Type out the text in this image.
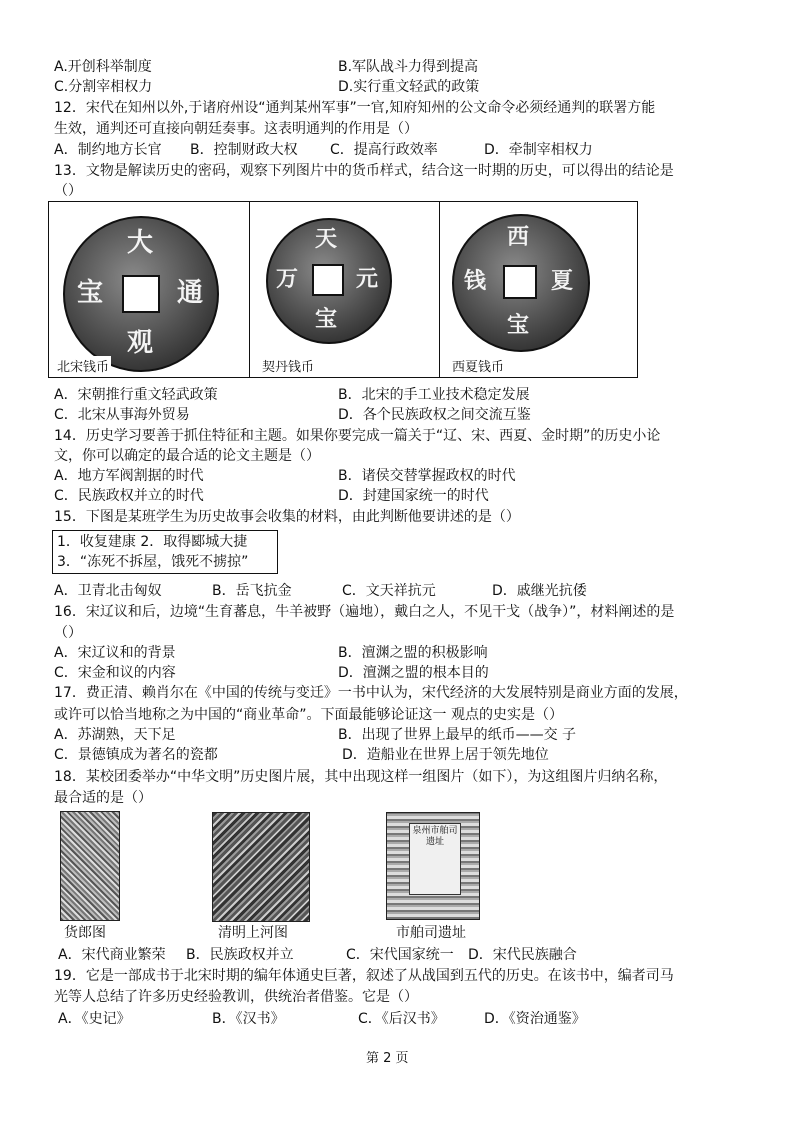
A.开创科举制度	B.军队战斗力得到提高
C.分割宰相权力	D.实行重文轻武的政策
12．宋代在知州以外,于诸府州设“通判某州军事”一官,知府知州的公文命令必须经通判的联署方能
生效，通判还可直接向朝廷奏事。这表明通判的作用是（）
A．制约地方长官 B．控制财政大权 C．提高行政效率	D．牵制宰相权力
13．文物是解读历史的密码，观察下列图片中的货币样式，结合这一时期的历史，可以得出的结论是
（）
大
观
通
宝
北宋钱币
天
宝
元
万
契丹钱币
西
宝
夏
钱
西夏钱币
A．宋朝推行重文轻武政策	B．北宋的手工业技术稳定发展
C．北宋从事海外贸易	D．各个民族政权之间交流互鉴
14．历史学习要善于抓住特征和主题。如果你要完成一篇关于“辽、宋、西夏、金时期”的历史小论
文，你可以确定的最合适的论文主题是（）
A．地方军阀割据的时代	B．诸侯交替掌握政权的时代
C．民族政权并立的时代	D．封建国家统一的时代
15．下图是某班学生为历史故事会收集的材料，由此判断他要讲述的是（）
1．收复建康 2．取得郾城大捷
3．“冻死不拆屋，饿死不掳掠”
A．卫青北击匈奴	B．岳飞抗金	C．文天祥抗元	D．戚继光抗倭
16．宋辽议和后，边境“生育蕃息，牛羊被野（遍地），戴白之人，不见干戈（战争）”，材料阐述的是
（）
A．宋辽议和的背景	B．澶渊之盟的积极影响
C．宋金和议的内容	D．澶渊之盟的根本目的
17．费正清、赖肖尔在《中国的传统与变迁》一书中认为，宋代经济的大发展特别是商业方面的发展，
或许可以恰当地称之为中国的“商业革命”。下面最能够论证这一 观点的史实是（）
A．苏湖熟，天下足	B．出现了世界上最早的纸币——交 子
C．景德镇成为著名的瓷都	D．造船业在世界上居于领先地位
18．某校团委举办“中华文明”历史图片展，其中出现这样一组图片（如下），为这组图片归纳名称，
最合适的是（）
泉州市舶司遗址
货郎图	清明上河图	市舶司遗址
A．宋代商业繁荣 B．民族政权并立	C．宋代国家统一 D．宋代民族融合
19．它是一部成书于北宋时期的编年体通史巨著，叙述了从战国到五代的历史。在该书中，编者司马
光等人总结了许多历史经验教训，供统治者借鉴。它是（）
A．《史记》	B．《汉书》	C．《后汉书》	D．《资治通鉴》
第 2 页
